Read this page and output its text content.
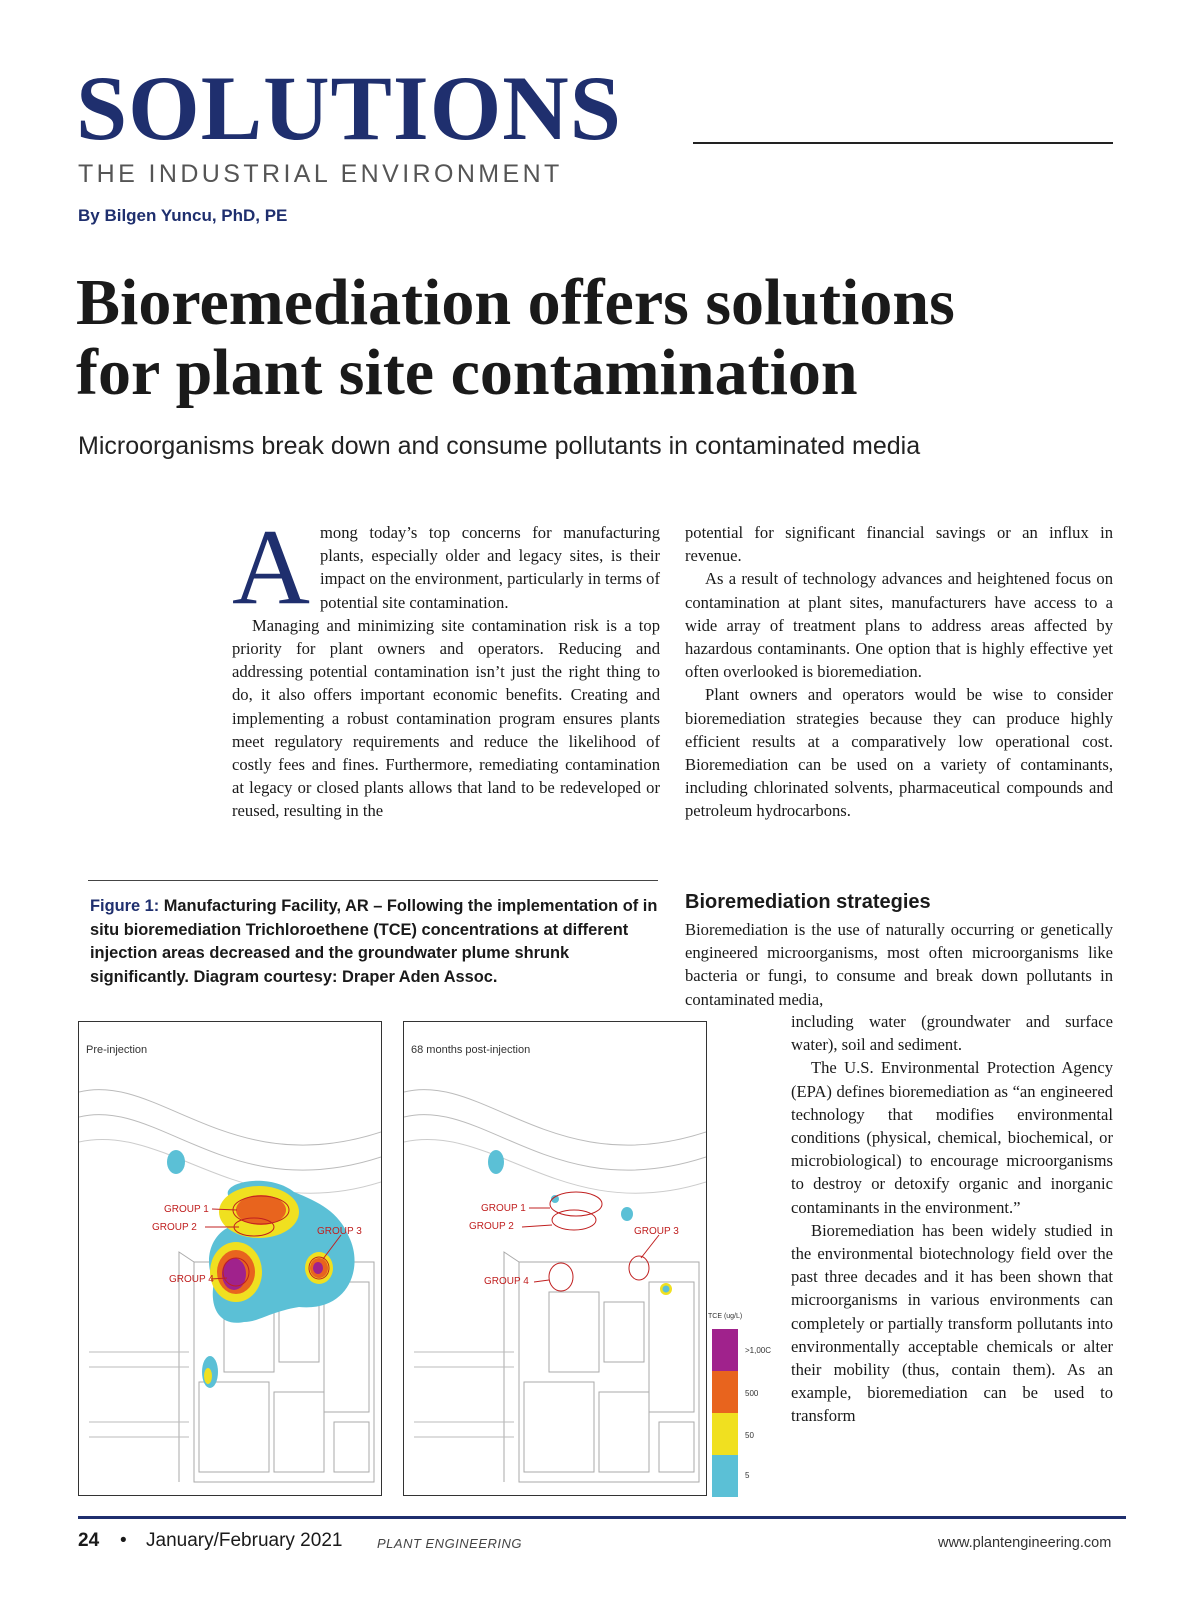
SOLUTIONS
THE INDUSTRIAL ENVIRONMENT
By Bilgen Yuncu, PhD, PE
Bioremediation offers solutions
for plant site contamination
Microorganisms break down and consume pollutants in contaminated media

Among today’s top concerns for manufacturing plants, especially older and legacy sites, is their impact on the environment, particularly in terms of potential site contamination.

Managing and minimizing site contamination risk is a top priority for plant owners and operators. Reducing and addressing potential contamination isn’t just the right thing to do, it also offers important economic benefits. Creating and implementing a robust contamination program ensures plants meet regulatory requirements and reduce the likelihood of costly fees and fines. Furthermore, remediating contamination at legacy or closed plants allows that land to be redeveloped or reused, resulting in the

potential for significant financial savings or an influx in revenue.

As a result of technology advances and heightened focus on contamination at plant sites, manufacturers have access to a wide array of treatment plans to address areas affected by hazardous contaminants. One option that is highly effective yet often overlooked is bioremediation.

Plant owners and operators would be wise to consider bioremediation strategies because they can produce highly efficient results at a comparatively low operational cost. Bioremediation can be used on a variety of contaminants, including chlorinated solvents, pharmaceutical compounds and petroleum hydrocarbons.

Bioremediation strategies

Bioremediation is the use of naturally occurring or genetically engineered microorganisms, most often microorganisms like bacteria or fungi, to consume and break down pollutants in contaminated media,

including water (groundwater and surface water), soil and sediment.

The U.S. Environmental Protection Agency (EPA) defines bioremediation as “an engineered technology that modifies environmental conditions (physical, chemical, biochemical, or microbiological) to encourage microorganisms to destroy or detoxify organic and inorganic contaminants in the environment.”

Bioremediation has been widely studied in the environmental biotechnology field over the past three decades and it has been shown that microorganisms in various environments can completely or partially transform pollutants into environmentally acceptable chemicals or alter their mobility (thus, contain them). As an example, bioremediation can be used to transform

Figure 1: Manufacturing Facility, AR – Following the implementation of in situ bioremediation Trichloroethene (TCE) concentrations at different injection areas decreased and the groundwater plume shrunk significantly. Diagram courtesy: Draper Aden Assoc.
GROUP 1
GROUP 2	GROUP 3
GROUP 4
Pre-injection
GROUP 1
GROUP 2	GROUP 3
GROUP 4
68 months post-injection
TCE (ug/L)
>1,00C
500
50
5
24 • January/February 2021	PLANT ENGINEERING	www.plantengineering.com
